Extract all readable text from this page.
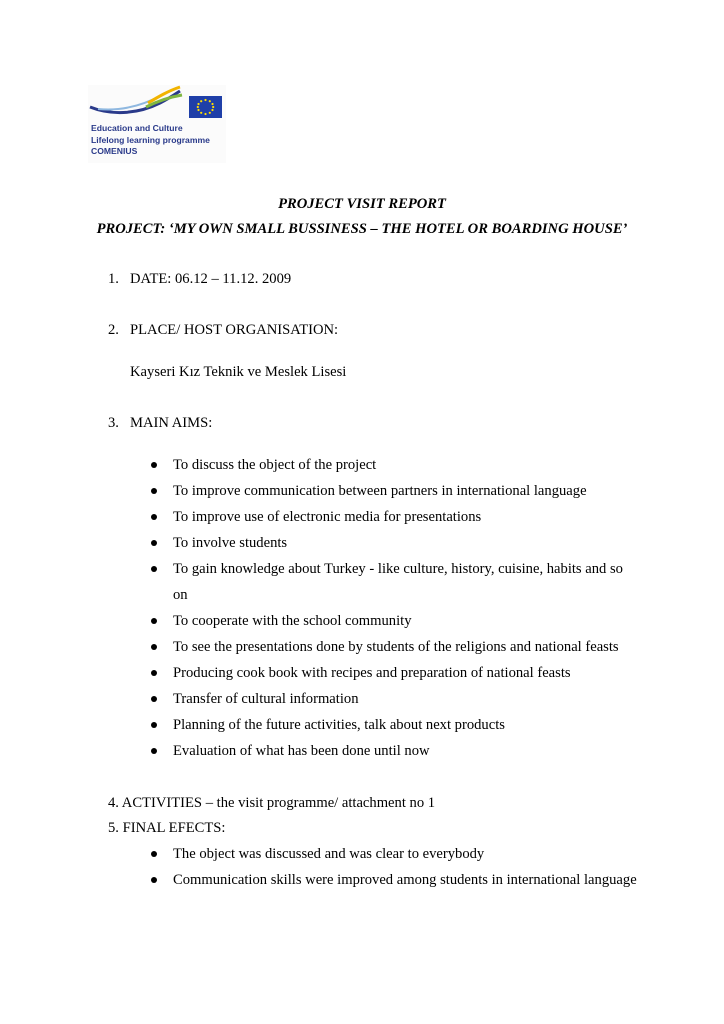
Education and Culture
Lifelong learning programme
COMENIUS
PROJECT VISIT REPORT
PROJECT: ‘MY OWN SMALL BUSSINESS – THE HOTEL OR BOARDING HOUSE’
1. DATE: 06.12 – 11.12. 2009
2. PLACE/ HOST ORGANISATION:
Kayseri Kız Teknik ve Meslek Lisesi
3. MAIN AIMS:
To discuss the object of the project
To improve communication between partners in international language
To improve use of electronic media for presentations
To involve students
To gain knowledge about Turkey - like culture, history, cuisine, habits and so on
To cooperate with the school community
To see the presentations done by students of the religions and national feasts
Producing cook book with recipes and preparation of national feasts
Transfer of cultural information
Planning of the future activities, talk about next products
Evaluation of what has been done until now
4. ACTIVITIES – the visit programme/ attachment no 1
5. FINAL EFECTS:
The object was discussed and was clear to everybody
Communication skills were improved among students in international language
